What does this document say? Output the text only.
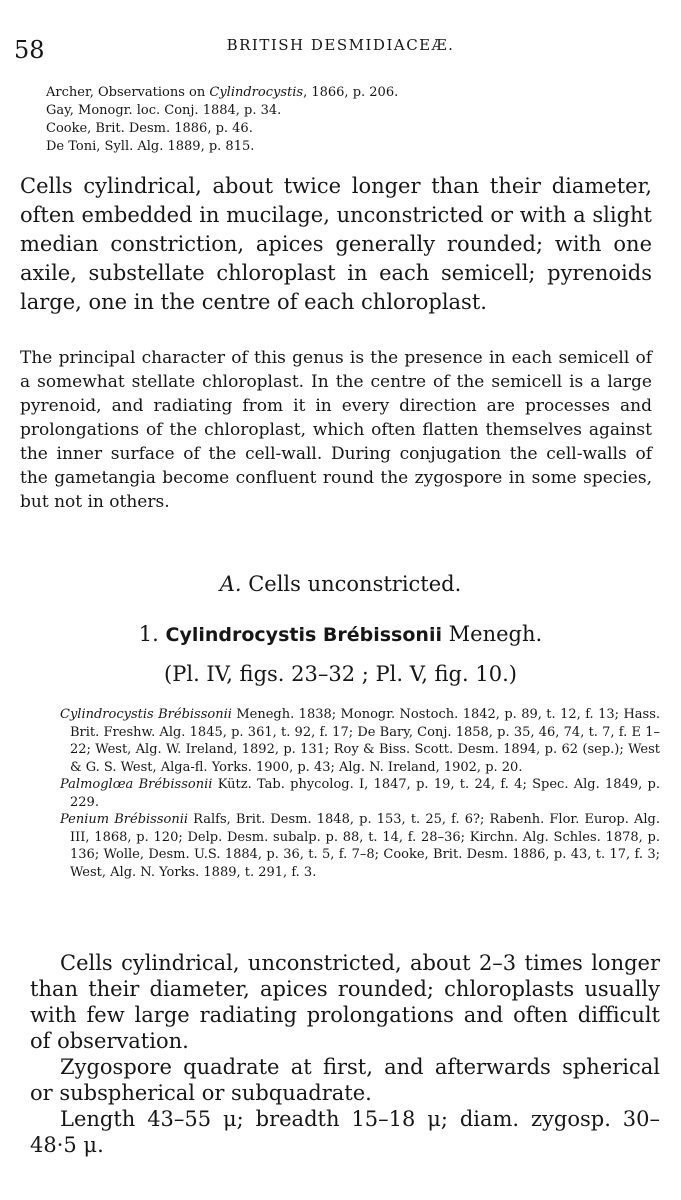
58	BRITISH DESMIDIACEÆ.
Archer, Observations on Cylindrocystis, 1866, p. 206.
Gay, Monogr. loc. Conj. 1884, p. 34.
Cooke, Brit. Desm. 1886, p. 46.
De Toni, Syll. Alg. 1889, p. 815.

Cells cylindrical, about twice longer than their diameter, often embedded in mucilage, unconstricted or with a slight median constriction, apices generally rounded; with one axile, substellate chloroplast in each semicell; pyrenoids large, one in the centre of each chloroplast.

The principal character of this genus is the presence in each semicell of a somewhat stellate chloroplast. In the centre of the semicell is a large pyrenoid, and radiating from it in every direction are processes and prolongations of the chloroplast, which often flatten themselves against the inner surface of the cell-wall. During conjugation the cell-walls of the gametangia become confluent round the zygospore in some species, but not in others.

A. Cells unconstricted.
1. Cylindrocystis Brébissonii Menegh.
(Pl. IV, figs. 23–32 ; Pl. V, fig. 10.)
Cylindrocystis Brébissonii Menegh. 1838; Monogr. Nostoch. 1842, p. 89, t. 12, f. 13; Hass. Brit. Freshw. Alg. 1845, p. 361, t. 92, f. 17; De Bary, Conj. 1858, p. 35, 46, 74, t. 7, f. E 1–22; West, Alg. W. Ireland, 1892, p. 131; Roy & Biss. Scott. Desm. 1894, p. 62 (sep.); West & G. S. West, Alga-fl. Yorks. 1900, p. 43; Alg. N. Ireland, 1902, p. 20.
Palmoglœa Brébissonii Kütz. Tab. phycolog. I, 1847, p. 19, t. 24, f. 4; Spec. Alg. 1849, p. 229.
Penium Brébissonii Ralfs, Brit. Desm. 1848, p. 153, t. 25, f. 6?; Rabenh. Flor. Europ. Alg. III, 1868, p. 120; Delp. Desm. subalp. p. 88, t. 14, f. 28–36; Kirchn. Alg. Schles. 1878, p. 136; Wolle, Desm. U.S. 1884, p. 36, t. 5, f. 7–8; Cooke, Brit. Desm. 1886, p. 43, t. 17, f. 3; West, Alg. N. Yorks. 1889, t. 291, f. 3.

Cells cylindrical, unconstricted, about 2–3 times longer than their diameter, apices rounded; chloroplasts usually with few large radiating prolongations and often difficult of observation.

Zygospore quadrate at first, and afterwards spherical or subspherical or subquadrate.

Length 43–55 μ; breadth 15–18 μ; diam. zygosp. 30–48·5 μ.
